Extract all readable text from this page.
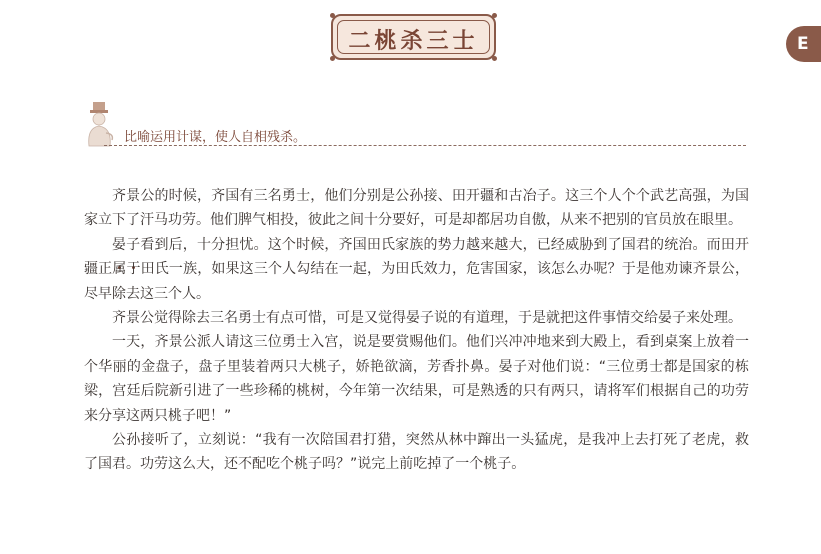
二桃杀三士	E
比喻运用计谋，使人自相残杀。

齐景公的时候，齐国有三名勇士，他们分别是公孙接、田开疆和古冶子。这三个人个个武艺高强，为国家立下了汗马功劳。他们脾气相投，彼此之间十分要好，可是却都居功自傲，从来不把别的官员放在眼里。

晏子看到后，十分担忧。这个时候，齐国田氏家族的势力越来越大，已经威胁到了国君的统治。而田开疆正属于田氏一族，如果这三个人勾结在一起，为田氏效力，危害国家，该怎么办呢？于是他劝谏齐景公，尽早除去这三个人。

齐景公觉得除去三名勇士有点可惜，可是又觉得晏子说的有道理，于是就把这件事情交给晏子来处理。

一天，齐景公派人请这三位勇士入宫，说是要赏赐他们。他们兴冲冲地来到大殿上，看到桌案上放着一个华丽的金盘子，盘子里装着两只大桃子，娇艳欲滴，芳香扑鼻。晏子对他们说：“三位勇士都是国家的栋梁，宫廷后院新引进了一些珍稀的桃树，今年第一次结果，可是熟透的只有两只，请将军们根据自己的功劳来分享这两只桃子吧！”

公孙接听了，立刻说：“我有一次陪国君打猎，突然从林中蹿出一头猛虎，是我冲上去打死了老虎，救了国君。功劳这么大，还不配吃个桃子吗？”说完上前吃掉了一个桃子。
